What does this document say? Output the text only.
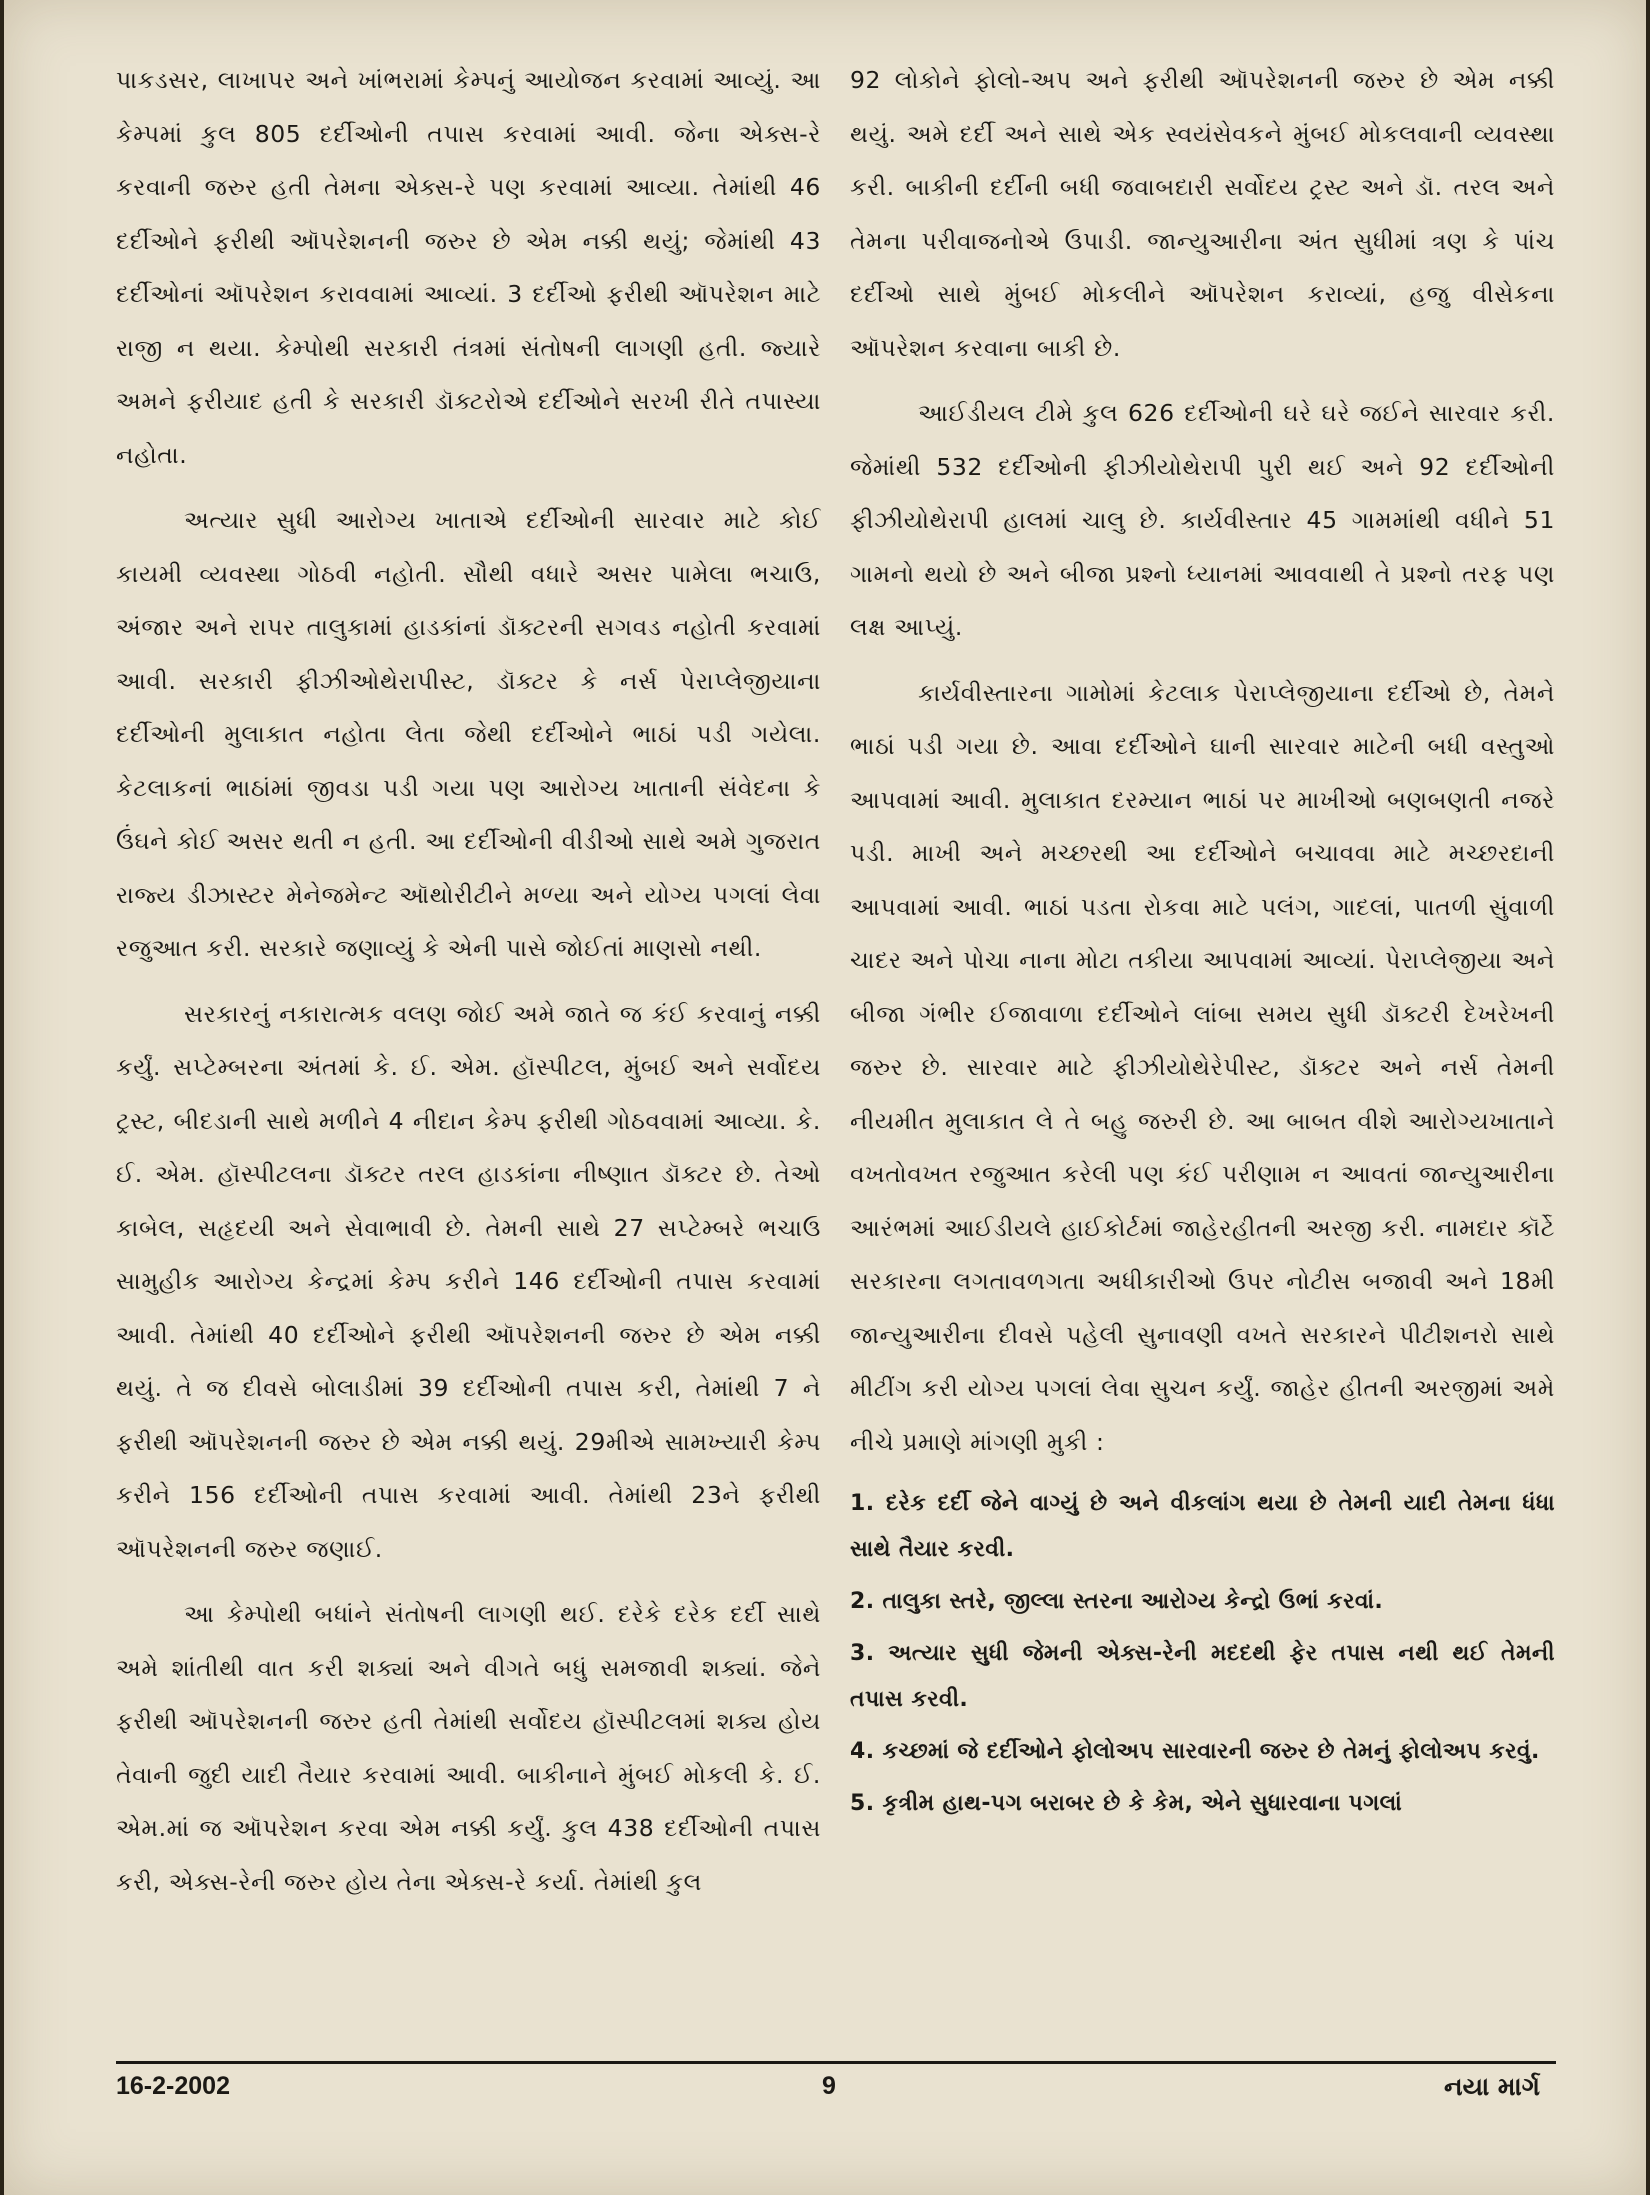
પાકડસર, લાખાપર અને ખાંભરામાં કેમ્પનું આયોજન કરવામાં આવ્યું. આ કેમ્પમાં કુલ 805 દર્દીઓની તપાસ કરવામાં આવી. જેના એક્સ-રે કરવાની જરુર હતી તેમના એક્સ-રે પણ કરવામાં આવ્યા. તેમાંથી 46 દર્દીઓને ફરીથી ઑપરેશનની જરુર છે એમ નક્કી થયું; જેમાંથી 43 દર્દીઓનાં ઑપરેશન કરાવવામાં આવ્યાં. 3 દર્દીઓ ફરીથી ઑપરેશન માટે રાજી ન થયા. કેમ્પોથી સરકારી તંત્રમાં સંતોષની લાગણી હતી. જ્યારે અમને ફરીયાદ હતી કે સરકારી ડૉક્ટરોએ દર્દીઓને સરખી રીતે તપાસ્યા નહોતા.

અત્યાર સુધી આરોગ્ય ખાતાએ દર્દીઓની સારવાર માટે કોઈ કાયમી વ્યવસ્થા ગોઠવી નહોતી. સૌથી વધારે અસર પામેલા ભચાઉ, અંજાર અને રાપર તાલુકામાં હાડકાંનાં ડૉક્ટરની સગવડ નહોતી કરવામાં આવી. સરકારી ફીઝીઓથેરાપીસ્ટ, ડૉક્ટર કે નર્સ પેરાપ્લેજીયાના દર્દીઓની મુલાકાત નહોતા લેતા જેથી દર્દીઓને ભાઠાં પડી ગયેલા. કેટલાકનાં ભાઠાંમાં જીવડા પડી ગયા પણ આરોગ્ય ખાતાની સંવેદના કે ઉંઘને કોઈ અસર થતી ન હતી. આ દર્દીઓની વીડીઓ સાથે અમે ગુજરાત રાજ્ય ડીઝાસ્ટર મેનેજમેન્ટ ઑથોરીટીને મળ્યા અને યોગ્ય પગલાં લેવા રજુઆત કરી. સરકારે જણાવ્યું કે એની પાસે જોઈતાં માણસો નથી.

સરકારનું નકારાત્મક વલણ જોઈ અમે જાતે જ કંઈ કરવાનું નક્કી કર્યું. સપ્ટેમ્બરના અંતમાં કે. ઈ. એમ. હૉસ્પીટલ, મુંબઈ અને સર્વોદય ટ્રસ્ટ, બીદડાની સાથે મળીને 4 નીદાન કેમ્પ ફરીથી ગોઠવવામાં આવ્યા. કે. ઈ. એમ. હૉસ્પીટલના ડૉક્ટર તરલ હાડકાંના નીષ્ણાત ડૉક્ટર છે. તેઓ કાબેલ, સહૃદયી અને સેવાભાવી છે. તેમની સાથે 27 સપ્ટેમ્બરે ભચાઉ સામુહીક આરોગ્ય કેન્દ્રમાં કેમ્પ કરીને 146 દર્દીઓની તપાસ કરવામાં આવી. તેમાંથી 40 દર્દીઓને ફરીથી ઑપરેશનની જરુર છે એમ નક્કી થયું. તે જ દીવસે બોલાડીમાં 39 દર્દીઓની તપાસ કરી, તેમાંથી 7 ને ફરીથી ઑપરેશનની જરુર છે એમ નક્કી થયું. 29મીએ સામખ્યારી કેમ્પ કરીને 156 દર્દીઓની તપાસ કરવામાં આવી. તેમાંથી 23ને ફરીથી ઑપરેશનની જરુર જણાઈ.

આ કેમ્પોથી બધાંને સંતોષની લાગણી થઈ. દરેકે દરેક દર્દી સાથે અમે શાંતીથી વાત કરી શક્યાં અને વીગતે બધું સમજાવી શક્યાં. જેને ફરીથી ઑપરેશનની જરુર હતી તેમાંથી સર્વોદય હૉસ્પીટલમાં શક્ય હોય તેવાની જુદી યાદી તૈયાર કરવામાં આવી. બાકીનાને મુંબઈ મોકલી કે. ઈ. એમ.માં જ ઑપરેશન કરવા એમ નક્કી કર્યું. કુલ 438 દર્દીઓની તપાસ કરી, એક્સ-રેની જરુર હોય તેના એક્સ-રે કર્યા. તેમાંથી કુલ

92 લોકોને ફોલો-અપ અને ફરીથી ઑપરેશનની જરુર છે એમ નક્કી થયું. અમે દર્દી અને સાથે એક સ્વયંસેવકને મુંબઈ મોકલવાની વ્યવસ્થા કરી. બાકીની દર્દીની બધી જવાબદારી સર્વોદય ટ્રસ્ટ અને ડૉ. તરલ અને તેમના પરીવાજનોએ ઉપાડી. જાન્યુઆરીના અંત સુધીમાં ત્રણ કે પાંચ દર્દીઓ સાથે મુંબઈ મોકલીને ઑપરેશન કરાવ્યાં, હજુ વીસેકના ઑપરેશન કરવાના બાકી છે.

આઈડીયલ ટીમે કુલ 626 દર્દીઓની ઘરે ઘરે જઈને સારવાર કરી. જેમાંથી 532 દર્દીઓની ફીઝીયોથેરાપી પુરી થઈ અને 92 દર્દીઓની ફીઝીયોથેરાપી હાલમાં ચાલુ છે. કાર્યવીસ્તાર 45 ગામમાંથી વધીને 51 ગામનો થયો છે અને બીજા પ્રશ્નો ધ્યાનમાં આવવાથી તે પ્રશ્નો તરફ પણ લક્ષ આપ્યું.

કાર્યવીસ્તારના ગામોમાં કેટલાક પેરાપ્લેજીયાના દર્દીઓ છે, તેમને ભાઠાં પડી ગયા છે. આવા દર્દીઓને ઘાની સારવાર માટેની બધી વસ્તુઓ આપવામાં આવી. મુલાકાત દરમ્યાન ભાઠાં પર માખીઓ બણબણતી નજરે પડી. માખી અને મચ્છરથી આ દર્દીઓને બચાવવા માટે મચ્છરદાની આપવામાં આવી. ભાઠાં પડતા રોકવા માટે પલંગ, ગાદલાં, પાતળી સુંવાળી ચાદર અને પોચા નાના મોટા તકીયા આપવામાં આવ્યાં. પેરાપ્લેજીયા અને બીજા ગંભીર ઈજાવાળા દર્દીઓને લાંબા સમય સુધી ડૉક્ટરી દેખરેખની જરુર છે. સારવાર માટે ફીઝીયોથેરેપીસ્ટ, ડૉક્ટર અને નર્સ તેમની નીયમીત મુલાકાત લે તે બહુ જરુરી છે. આ બાબત વીશે આરોગ્યખાતાને વખતોવખત રજુઆત કરેલી પણ કંઈ પરીણામ ન આવતાં જાન્યુઆરીના આરંભમાં આઈડીયલે હાઈકોર્ટમાં જાહેરહીતની અરજી કરી. નામદાર કૉર્ટે સરકારના લગતાવળગતા અધીકારીઓ ઉપર નોટીસ બજાવી અને 18મી જાન્યુઆરીના દીવસે પહેલી સુનાવણી વખતે સરકારને પીટીશનરો સાથે મીટીંગ કરી યોગ્ય પગલાં લેવા સુચન કર્યું. જાહેર હીતની અરજીમાં અમે નીચે પ્રમાણે માંગણી મુકી :

1. દરેક દર્દી જેને વાગ્યું છે અને વીકલાંગ થયા છે તેમની યાદી તેમના ધંધા સાથે તૈયાર કરવી.

2. તાલુકા સ્તરે, જીલ્લા સ્તરના આરોગ્ય કેન્દ્રો ઉભાં કરવાં.

3. અત્યાર સુધી જેમની એક્સ-રેની મદદથી ફેર તપાસ નથી થઈ તેમની તપાસ કરવી.

4. કચ્છમાં જે દર્દીઓને ફોલોઅપ સારવારની જરુર છે તેમનું ફોલોઅપ કરવું.

5. કૃત્રીમ હાથ-પગ બરાબર છે કે કેમ, એને સુધારવાના પગલાં

16-2-2002	9	નયા માર્ગ
